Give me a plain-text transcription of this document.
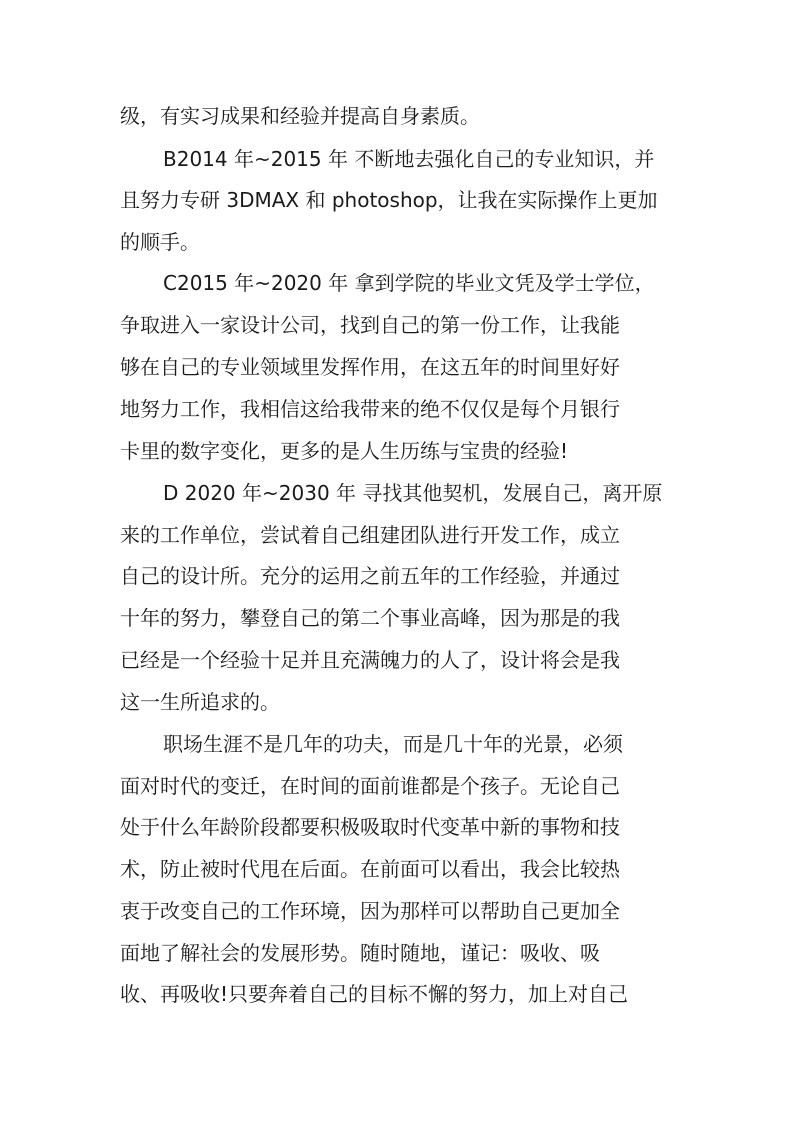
级，有实习成果和经验并提高自身素质。
B2014 年~2015 年 不断地去强化自己的专业知识，并
且努力专研 3DMAX 和 photoshop，让我在实际操作上更加
的顺手。
C2015 年~2020 年 拿到学院的毕业文凭及学士学位，
争取进入一家设计公司，找到自己的第一份工作，让我能
够在自己的专业领域里发挥作用，在这五年的时间里好好
地努力工作，我相信这给我带来的绝不仅仅是每个月银行
卡里的数字变化，更多的是人生历练与宝贵的经验!
D 2020 年~2030 年 寻找其他契机，发展自己，离开原
来的工作单位，尝试着自己组建团队进行开发工作，成立
自己的设计所。充分的运用之前五年的工作经验，并通过
十年的努力，攀登自己的第二个事业高峰，因为那是的我
已经是一个经验十足并且充满魄力的人了，设计将会是我
这一生所追求的。
职场生涯不是几年的功夫，而是几十年的光景，必须
面对时代的变迁，在时间的面前谁都是个孩子。无论自己
处于什么年龄阶段都要积极吸取时代变革中新的事物和技
术，防止被时代甩在后面。在前面可以看出，我会比较热
衷于改变自己的工作环境，因为那样可以帮助自己更加全
面地了解社会的发展形势。随时随地，谨记：吸收、吸
收、再吸收!只要奔着自己的目标不懈的努力，加上对自己
